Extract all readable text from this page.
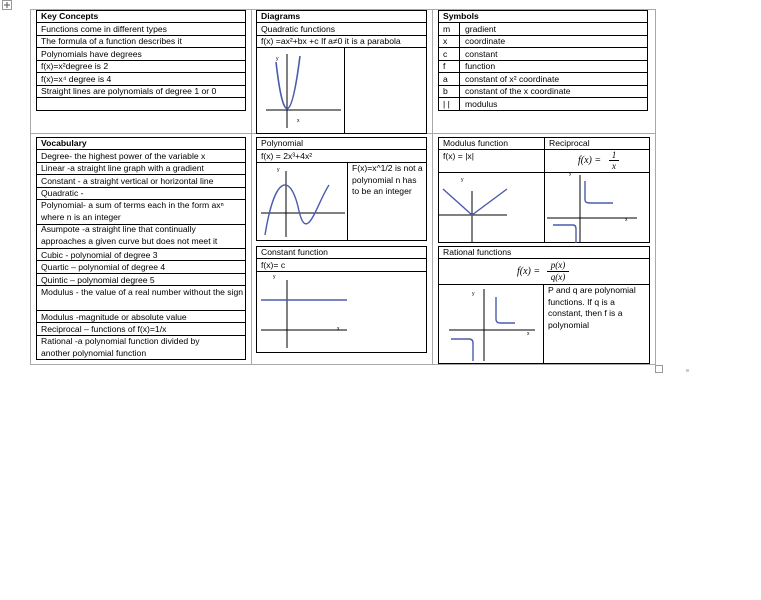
Key Concepts
Functions come in different types
The formula of a function describes it
Polynomials have degrees
f(x)=x²degree is 2
f(x)=x⁴ degree is 4
Straight lines are polynomials of degree 1 or 0
Diagrams
Quadratic functions
f(x) =ax²+bx +c If a≠0 it is a parabola
y
x
Symbols
m gradient
x coordinate
c constant
f function
a constant of x² coordinate
b constant of the x coordinate
| | modulus
Vocabulary
Degree- the highest power of the variable x
Linear -a straight line graph with a gradient
Constant - a straight vertical or horizontal line
Quadratic -
Polynomial- a sum of terms each in the form axⁿ where n is an integer
Asumpote -a straight line that continually approaches a given curve but does not meet it
Cubic - polynomial of degree 3
Quartic – polynomial of degree 4
Quintic – polynomial degree 5
Modulus - the value of a real number without the sign
Modulus -magnitude or absolute value
Reciprocal – functions of f(x)=1/x
Rational -a polynomial function divided by another polynomial function
Polynomial
f(x) = 2x³+4x²
F(x)=x^1/2 is not a polynomial n has to be an integer
y
Modulus function
f(x) = |x|
Reciprocal
f(x) =	1
x
y
y
x
Constant function
f(x)= c
y
x
Rational functions
f(x) =
p(x)
q(x)
P and q are polynomial functions. If q is a constant, then f is a polynomial
y
x
